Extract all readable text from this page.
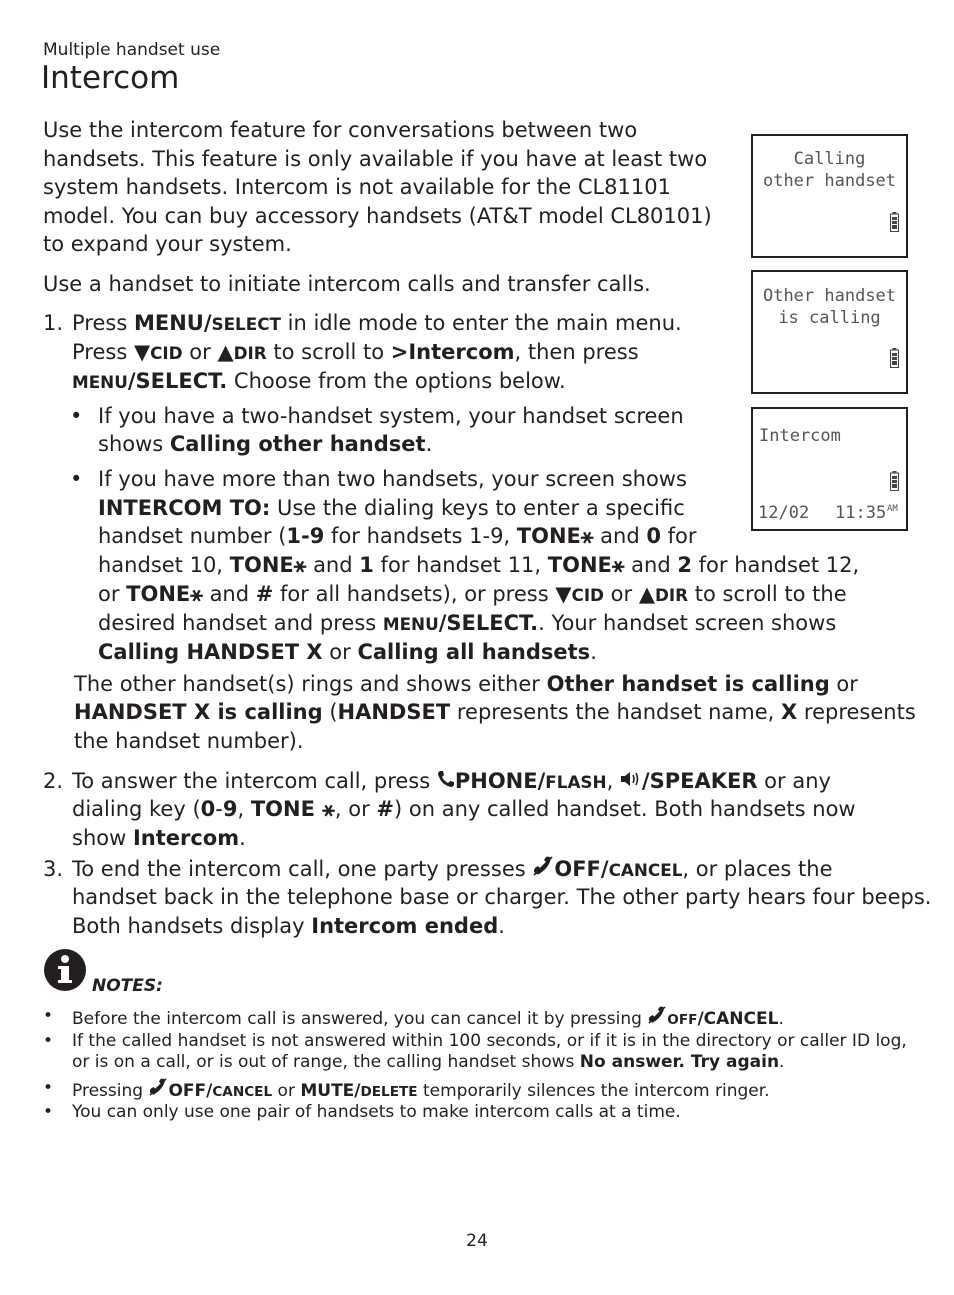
Multiple handset use
Intercom

Use the intercom feature for conversations between two handsets. This feature is only available if you have at least two system handsets. Intercom is not available for the CL81101 model. You can buy accessory handsets (AT&T model CL80101) to expand your system.

Use a handset to initiate intercom calls and transfer calls.

Calling
other handset
Other handset
is calling
Intercom
12/02	11:35 AM
1. Press MENU/SELECT in idle mode to enter the main menu.
Press ▼CID or ▲DIR to scroll to >Intercom, then press
MENU/SELECT. Choose from the options below.
• If you have a two-handset system, your handset screen
shows Calling other handset.
• If you have more than two handsets, your screen shows
INTERCOM TO: Use the dialing keys to enter a specific
handset number (1-9 for handsets 1-9, TONE⚹ and 0 for
handset 10, TONE⚹ and 1 for handset 11, TONE⚹ and 2 for handset 12,
or TONE⚹ and # for all handsets), or press ▼CID or ▲DIR to scroll to the
desired handset and press MENU/SELECT.. Your handset screen shows
Calling HANDSET X or Calling all handsets.
The other handset(s) rings and shows either Other handset is calling or
HANDSET X is calling (HANDSET represents the handset name, X represents
the handset number).
2. To answer the intercom call, press PHONE/FLASH, /SPEAKER or any
dialing key (0-9, TONE ⚹, or #) on any called handset. Both handsets now
show Intercom.
3. To end the intercom call, one party presses OFF/CANCEL, or places the
handset back in the telephone base or charger. The other party hears four beeps.
Both handsets display Intercom ended.
NOTES:
• Before the intercom call is answered, you can cancel it by pressing OFF/CANCEL.
• If the called handset is not answered within 100 seconds, or if it is in the directory or caller ID log,
or is on a call, or is out of range, the calling handset shows No answer. Try again.
• Pressing OFF/CANCEL or MUTE/DELETE temporarily silences the intercom ringer.
• You can only use one pair of handsets to make intercom calls at a time.
24
